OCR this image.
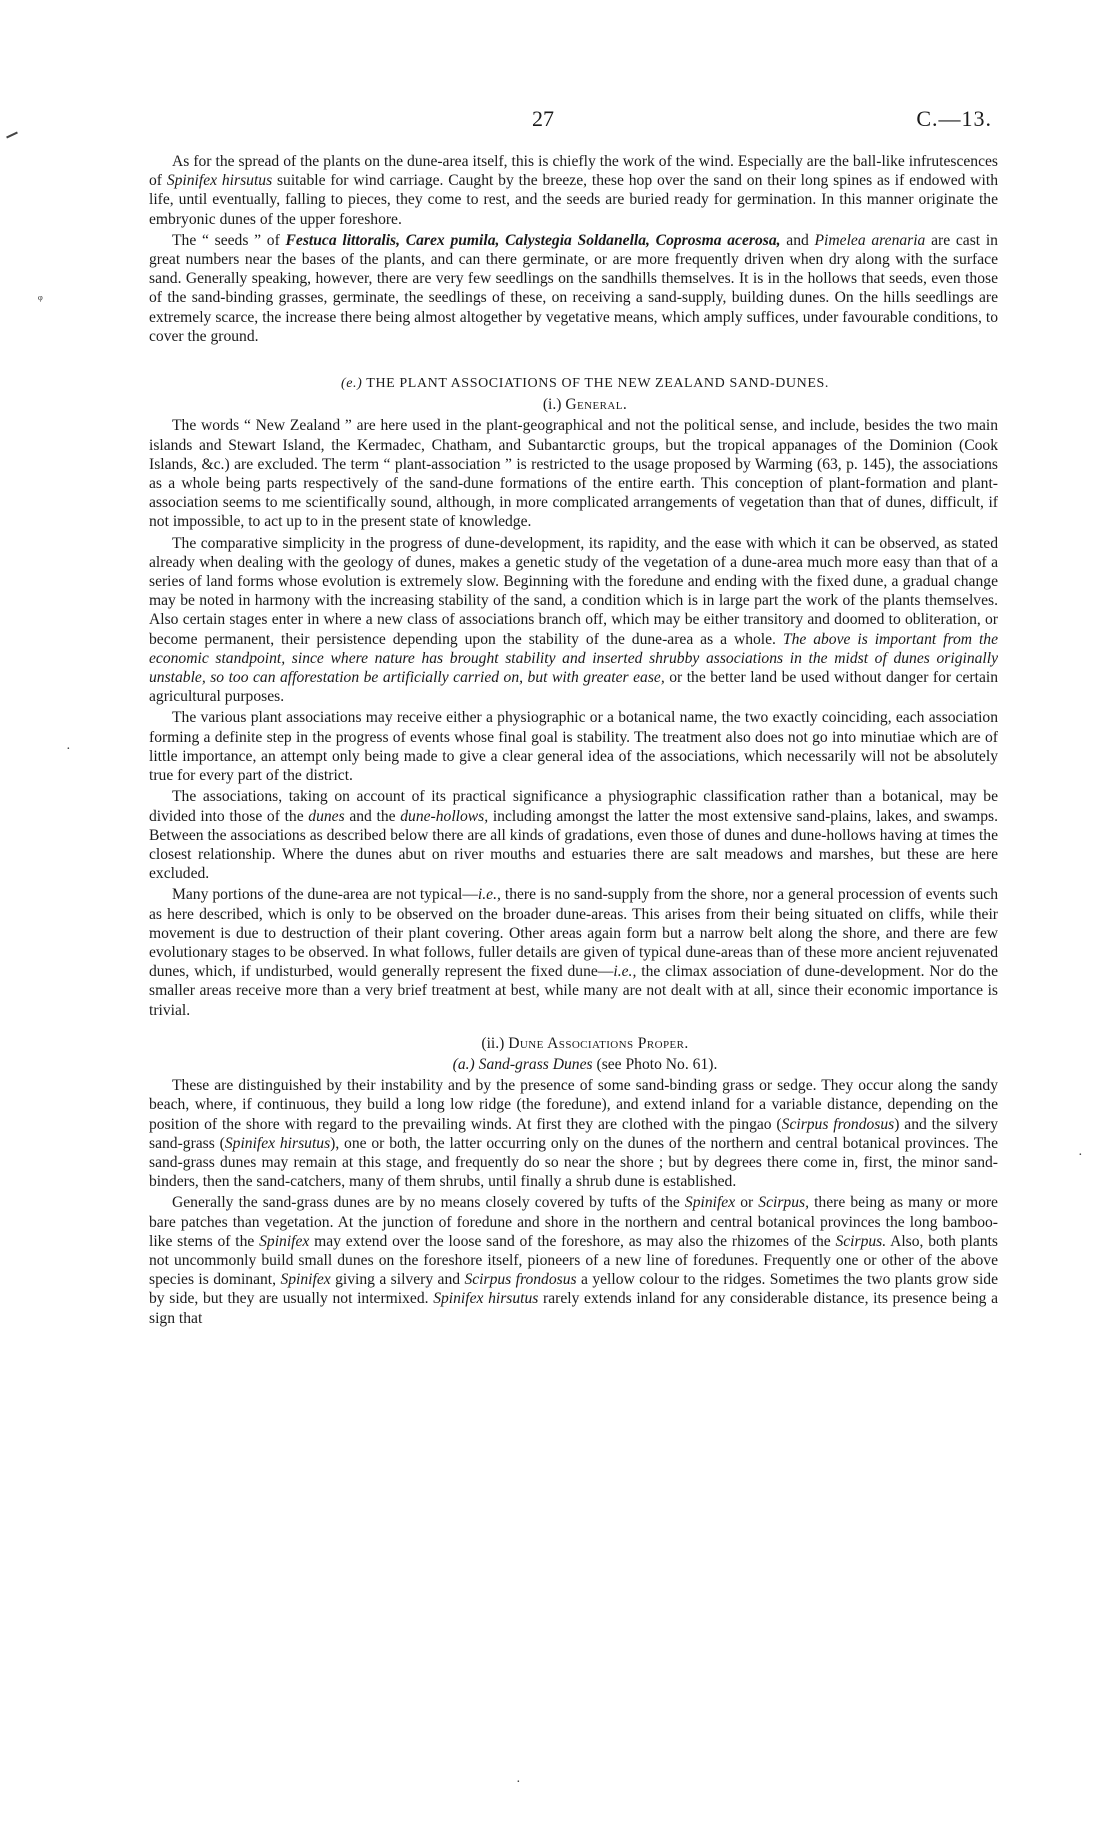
ᵠ
·
·
·
27	C.—13.

As for the spread of the plants on the dune-area itself, this is chiefly the work of the wind. Especially are the ball-like infrutescences of Spinifex hirsutus suitable for wind carriage. Caught by the breeze, these hop over the sand on their long spines as if endowed with life, until eventually, falling to pieces, they come to rest, and the seeds are buried ready for germination. In this manner originate the embryonic dunes of the upper foreshore.

The “ seeds ” of Festuca littoralis, Carex pumila, Calystegia Soldanella, Coprosma acerosa, and Pimelea arenaria are cast in great numbers near the bases of the plants, and can there germinate, or are more frequently driven when dry along with the surface sand. Generally speaking, however, there are very few seedlings on the sandhills themselves. It is in the hollows that seeds, even those of the sand-binding grasses, germinate, the seedlings of these, on receiving a sand-supply, building dunes. On the hills seedlings are extremely scarce, the increase there being almost altogether by vegetative means, which amply suffices, under favourable conditions, to cover the ground.

(e.) THE PLANT ASSOCIATIONS OF THE NEW ZEALAND SAND-DUNES.

(i.) General.

The words “ New Zealand ” are here used in the plant-geographical and not the political sense, and include, besides the two main islands and Stewart Island, the Kermadec, Chatham, and Subantarctic groups, but the tropical appanages of the Dominion (Cook Islands, &c.) are excluded. The term “ plant-association ” is restricted to the usage proposed by Warming (63, p. 145), the associations as a whole being parts respectively of the sand-dune formations of the entire earth. This conception of plant-formation and plant-association seems to me scientifically sound, although, in more complicated arrangements of vegetation than that of dunes, difficult, if not impossible, to act up to in the present state of knowledge.

The comparative simplicity in the progress of dune-development, its rapidity, and the ease with which it can be observed, as stated already when dealing with the geology of dunes, makes a genetic study of the vegetation of a dune-area much more easy than that of a series of land forms whose evolution is extremely slow. Beginning with the foredune and ending with the fixed dune, a gradual change may be noted in harmony with the increasing stability of the sand, a condition which is in large part the work of the plants themselves. Also certain stages enter in where a new class of associations branch off, which may be either transitory and doomed to obliteration, or become permanent, their persistence depending upon the stability of the dune-area as a whole. The above is important from the economic standpoint, since where nature has brought stability and inserted shrubby associations in the midst of dunes originally unstable, so too can afforestation be artificially carried on, but with greater ease, or the better land be used without danger for certain agricultural purposes.

The various plant associations may receive either a physiographic or a botanical name, the two exactly coinciding, each association forming a definite step in the progress of events whose final goal is stability. The treatment also does not go into minutiae which are of little importance, an attempt only being made to give a clear general idea of the associations, which necessarily will not be absolutely true for every part of the district.

The associations, taking on account of its practical significance a physiographic classification rather than a botanical, may be divided into those of the dunes and the dune-hollows, including amongst the latter the most extensive sand-plains, lakes, and swamps. Between the associations as described below there are all kinds of gradations, even those of dunes and dune-hollows having at times the closest relationship. Where the dunes abut on river mouths and estuaries there are salt meadows and marshes, but these are here excluded.

Many portions of the dune-area are not typical—i.e., there is no sand-supply from the shore, nor a general procession of events such as here described, which is only to be observed on the broader dune-areas. This arises from their being situated on cliffs, while their movement is due to destruction of their plant covering. Other areas again form but a narrow belt along the shore, and there are few evolutionary stages to be observed. In what follows, fuller details are given of typical dune-areas than of these more ancient rejuvenated dunes, which, if undisturbed, would generally represent the fixed dune—i.e., the climax association of dune-development. Nor do the smaller areas receive more than a very brief treatment at best, while many are not dealt with at all, since their economic importance is trivial.

(ii.) Dune Associations Proper.

(a.) Sand-grass Dunes (see Photo No. 61).

These are distinguished by their instability and by the presence of some sand-binding grass or sedge. They occur along the sandy beach, where, if continuous, they build a long low ridge (the foredune), and extend inland for a variable distance, depending on the position of the shore with regard to the prevailing winds. At first they are clothed with the pingao (Scirpus frondosus) and the silvery sand-grass (Spinifex hirsutus), one or both, the latter occurring only on the dunes of the northern and central botanical provinces. The sand-grass dunes may remain at this stage, and frequently do so near the shore ; but by degrees there come in, first, the minor sand-binders, then the sand-catchers, many of them shrubs, until finally a shrub dune is established.

Generally the sand-grass dunes are by no means closely covered by tufts of the Spinifex or Scirpus, there being as many or more bare patches than vegetation. At the junction of foredune and shore in the northern and central botanical provinces the long bamboo-like stems of the Spinifex may extend over the loose sand of the foreshore, as may also the rhizomes of the Scirpus. Also, both plants not uncommonly build small dunes on the foreshore itself, pioneers of a new line of foredunes. Frequently one or other of the above species is dominant, Spinifex giving a silvery and Scirpus frondosus a yellow colour to the ridges. Sometimes the two plants grow side by side, but they are usually not intermixed. Spinifex hirsutus rarely extends inland for any considerable distance, its presence being a sign that
